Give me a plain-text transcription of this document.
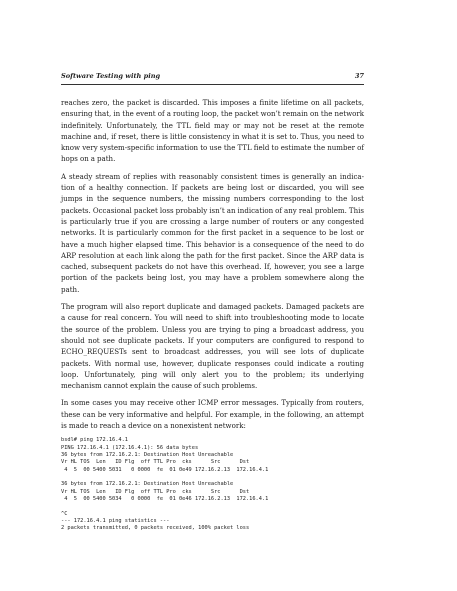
Software Testing with ping	37

reaches zero, the packet is discarded. This imposes a finite lifetime on all packets, ensuring that, in the event of a routing loop, the packet won’t remain on the network indefinitely. Unfortunately, the TTL field may or may not be reset at the remote machine and, if reset, there is little consistency in what it is set to. Thus, you need to know very system-specific information to use the TTL field to estimate the number of hops on a path.

A steady stream of replies with reasonably consistent times is generally an indication of a healthy connection. If packets are being lost or discarded, you will see jumps in the sequence numbers, the missing numbers corresponding to the lost packets. Occasional packet loss probably isn’t an indication of any real problem. This is particularly true if you are crossing a large number of routers or any congested networks. It is particularly common for the first packet in a sequence to be lost or have a much higher elapsed time. This behavior is a consequence of the need to do ARP resolution at each link along the path for the first packet. Since the ARP data is cached, subsequent packets do not have this overhead. If, however, you see a large portion of the packets being lost, you may have a problem somewhere along the path.

The program will also report duplicate and damaged packets. Damaged packets are a cause for real concern. You will need to shift into troubleshooting mode to locate the source of the problem. Unless you are trying to ping a broadcast address, you should not see duplicate packets. If your computers are configured to respond to ECHO_REQUESTs sent to broadcast addresses, you will see lots of duplicate packets. With normal use, however, duplicate responses could indicate a routing loop. Unfortunately, ping will only alert you to the problem; its underlying mechanism cannot explain the cause of such problems.

In some cases you may receive other ICMP error messages. Typically from routers, these can be very informative and helpful. For example, in the following, an attempt is made to reach a device on a nonexistent network:

bsdl# ping 172.16.4.1
PING 172.16.4.1 (172.16.4.1): 56 data bytes
36 bytes from 172.16.2.1: Destination Host Unreachable
Vr HL TOS  Len   ID Flg  off TTL Pro  cks      Src      Dst
4  5  00 5400 5031   0 0000  fe  01 0e49 172.16.2.13  172.16.4.1

36 bytes from 172.16.2.1: Destination Host Unreachable
Vr HL TOS  Len   ID Flg  off TTL Pro  cks      Src      Dst
4  5  00 5400 5034   0 0000  fe  01 0e46 172.16.2.13  172.16.4.1

^C
--- 172.16.4.1 ping statistics ---
2 packets transmitted, 0 packets received, 100% packet loss
